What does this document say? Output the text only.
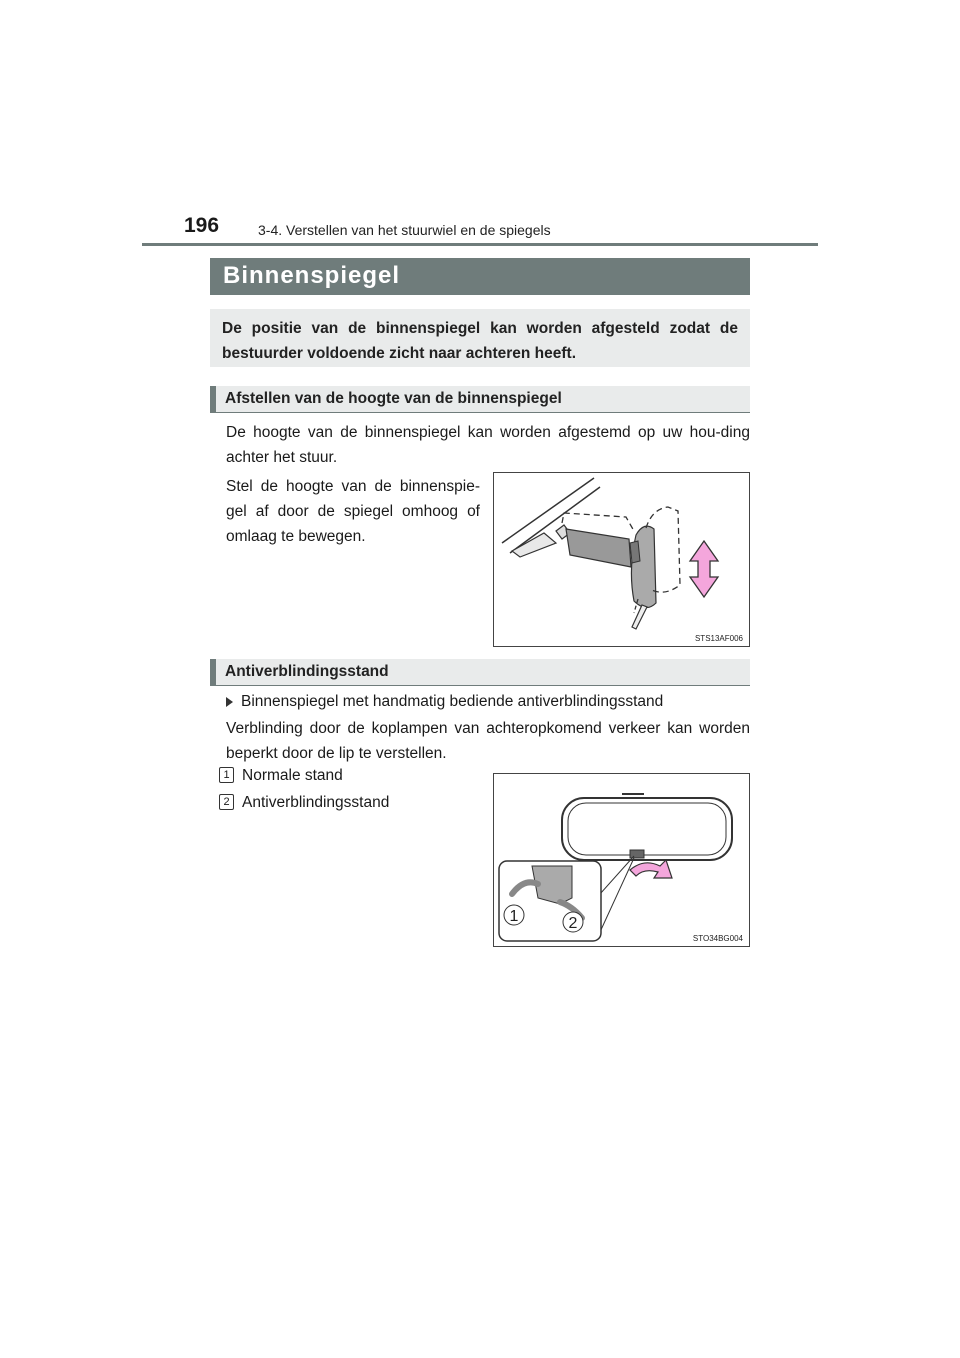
196	3-4. Verstellen van het stuurwiel en de spiegels
Binnenspiegel

De positie van de binnenspiegel kan worden afgesteld zodat de bestuurder voldoende zicht naar achteren heeft.

Afstellen van de hoogte van de binnenspiegel

De hoogte van de binnenspiegel kan worden afgestemd op uw hou-ding achter het stuur.

Stel de hoogte van de binnenspie-gel af door de spiegel omhoog of omlaag te bewegen.

STS13AF006
Antiverblindingsstand
Binnenspiegel met handmatig bediende antiverblindingsstand

Verblinding door de koplampen van achteropkomend verkeer kan worden beperkt door de lip te verstellen.

1 Normale stand
2 Antiverblindingsstand
1	2
STO34BG004
